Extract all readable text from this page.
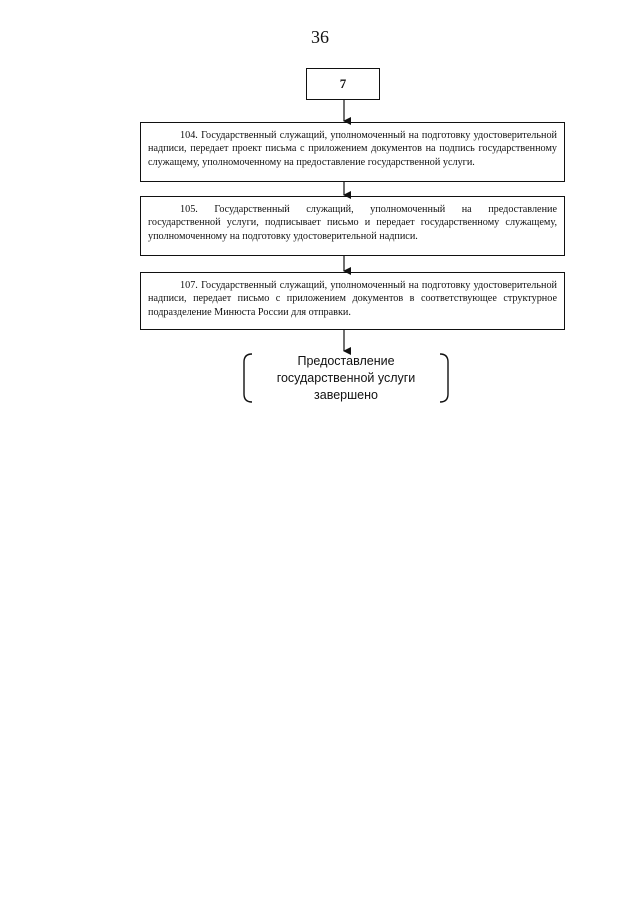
36
7
104. Государственный служащий, уполномоченный на подготовку удостоверительной надписи, передает проект письма с приложением документов на подпись государственному служащему, уполномоченному на предоставление государственной услуги.
105. Государственный служащий, уполномоченный на предоставление государственной услуги, подписывает письмо и передает государственному служащему, уполномоченному на подготовку удостоверительной надписи.
107. Государственный служащий, уполномоченный на подготовку удостоверительной надписи, передает письмо с приложением документов в соответствующее структурное подразделение Минюста России для отправки.
Предоставление государственной услуги завершено
